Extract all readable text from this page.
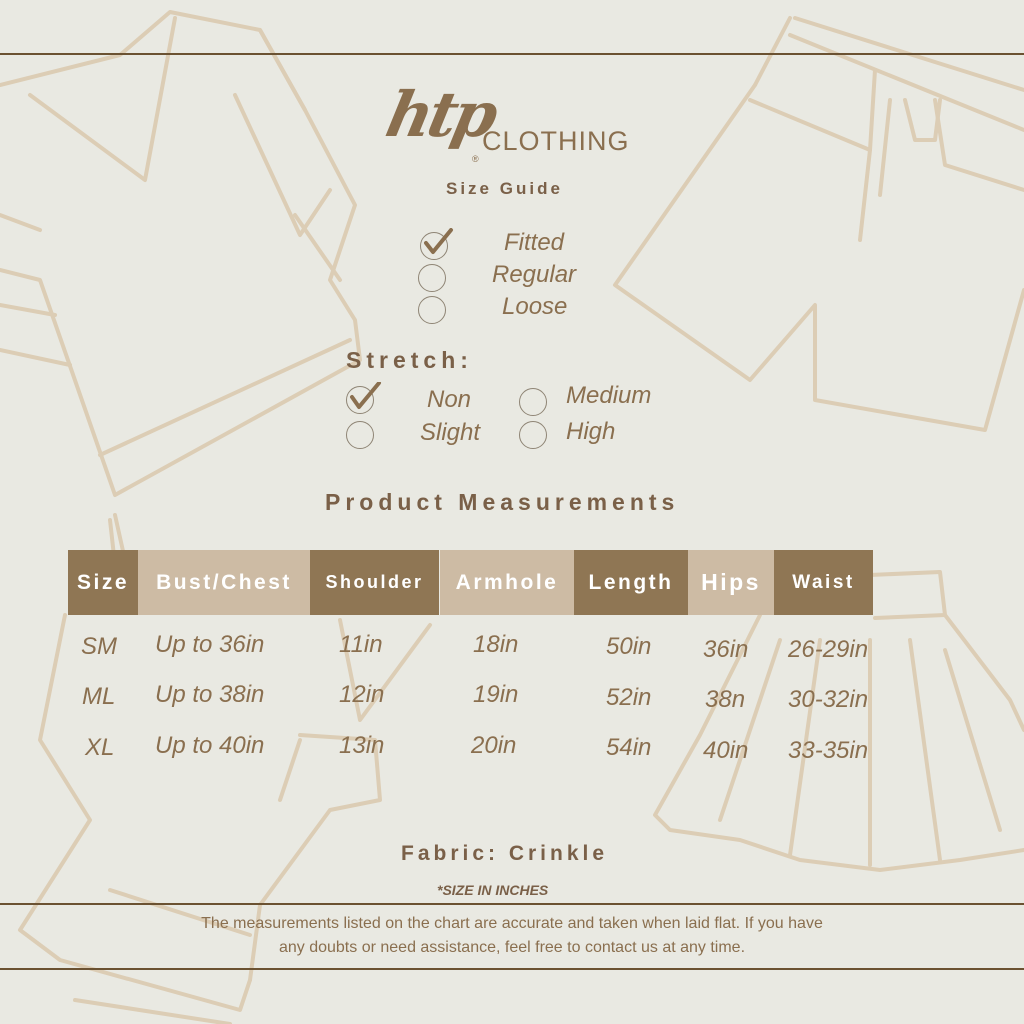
htp
®
CLOTHING
Size Guide
Fitted
Regular
Loose
Stretch:
Non
Slight
Medium
High
Product Measurements
Size	Bust/Chest	Shoulder	Armhole	Length	Hips	Waist
SM Up to 36in	11in	18in	50in 36in 26-29in
ML Up to 38in	12in	19in	52in 38n 30-32in
XL Up to 40in	13in	20in	54in 40in 33-35in
Fabric: Crinkle
*SIZE IN INCHES
The measurements listed on the chart are accurate and taken when laid flat. If you have
any doubts or need assistance, feel free to contact us at any time.
